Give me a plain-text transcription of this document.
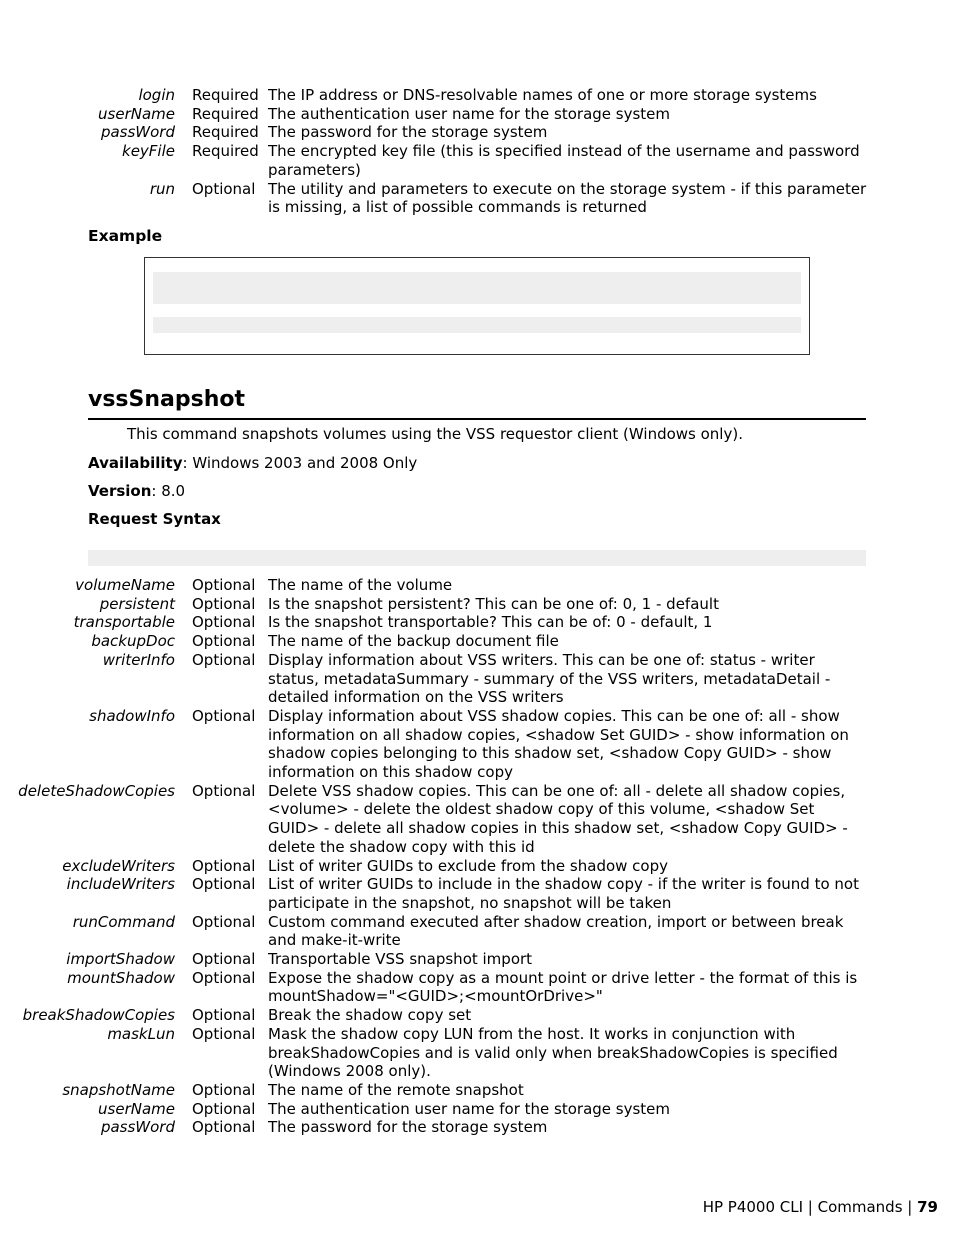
login Required The IP address or DNS-resolvable names of one or more storage systems
userName Required The authentication user name for the storage system
passWord Required The password for the storage system
keyFile Required The encrypted key file (this is specified instead of the username and password parameters)
run Optional The utility and parameters to execute on the storage system - if this parameter is missing, a list of possible commands is returned
Example
vssSnapshot
This command snapshots volumes using the VSS requestor client (Windows only).
Availability: Windows 2003 and 2008 Only
Version: 8.0
Request Syntax
volumeName Optional The name of the volume
persistent Optional Is the snapshot persistent? This can be one of: 0, 1 - default
transportable Optional Is the snapshot transportable? This can be of: 0 - default, 1
backupDoc Optional The name of the backup document file
writerInfo Optional Display information about VSS writers. This can be one of: status - writer status, metadataSummary - summary of the VSS writers, metadataDetail - detailed information on the VSS writers
shadowInfo Optional Display information about VSS shadow copies. This can be one of: all - show information on all shadow copies, <shadow Set GUID> - show information on shadow copies belonging to this shadow set, <shadow Copy GUID> - show information on this shadow copy
deleteShadowCopies Optional Delete VSS shadow copies. This can be one of: all - delete all shadow copies, <volume> - delete the oldest shadow copy of this volume, <shadow Set GUID> - delete all shadow copies in this shadow set, <shadow Copy GUID> - delete the shadow copy with this id
excludeWriters Optional List of writer GUIDs to exclude from the shadow copy
includeWriters Optional List of writer GUIDs to include in the shadow copy - if the writer is found to not participate in the snapshot, no snapshot will be taken
runCommand Optional Custom command executed after shadow creation, import or between break and make-it-write
importShadow Optional Transportable VSS snapshot import
mountShadow Optional Expose the shadow copy as a mount point or drive letter - the format of this is mountShadow="<GUID>;<mountOrDrive>"
breakShadowCopies Optional Break the shadow copy set
maskLun Optional Mask the shadow copy LUN from the host. It works in conjunction with breakShadowCopies and is valid only when breakShadowCopies is specified (Windows 2008 only).
snapshotName Optional The name of the remote snapshot
userName Optional The authentication user name for the storage system
passWord Optional The password for the storage system
HP P4000 CLI | Commands | 79
